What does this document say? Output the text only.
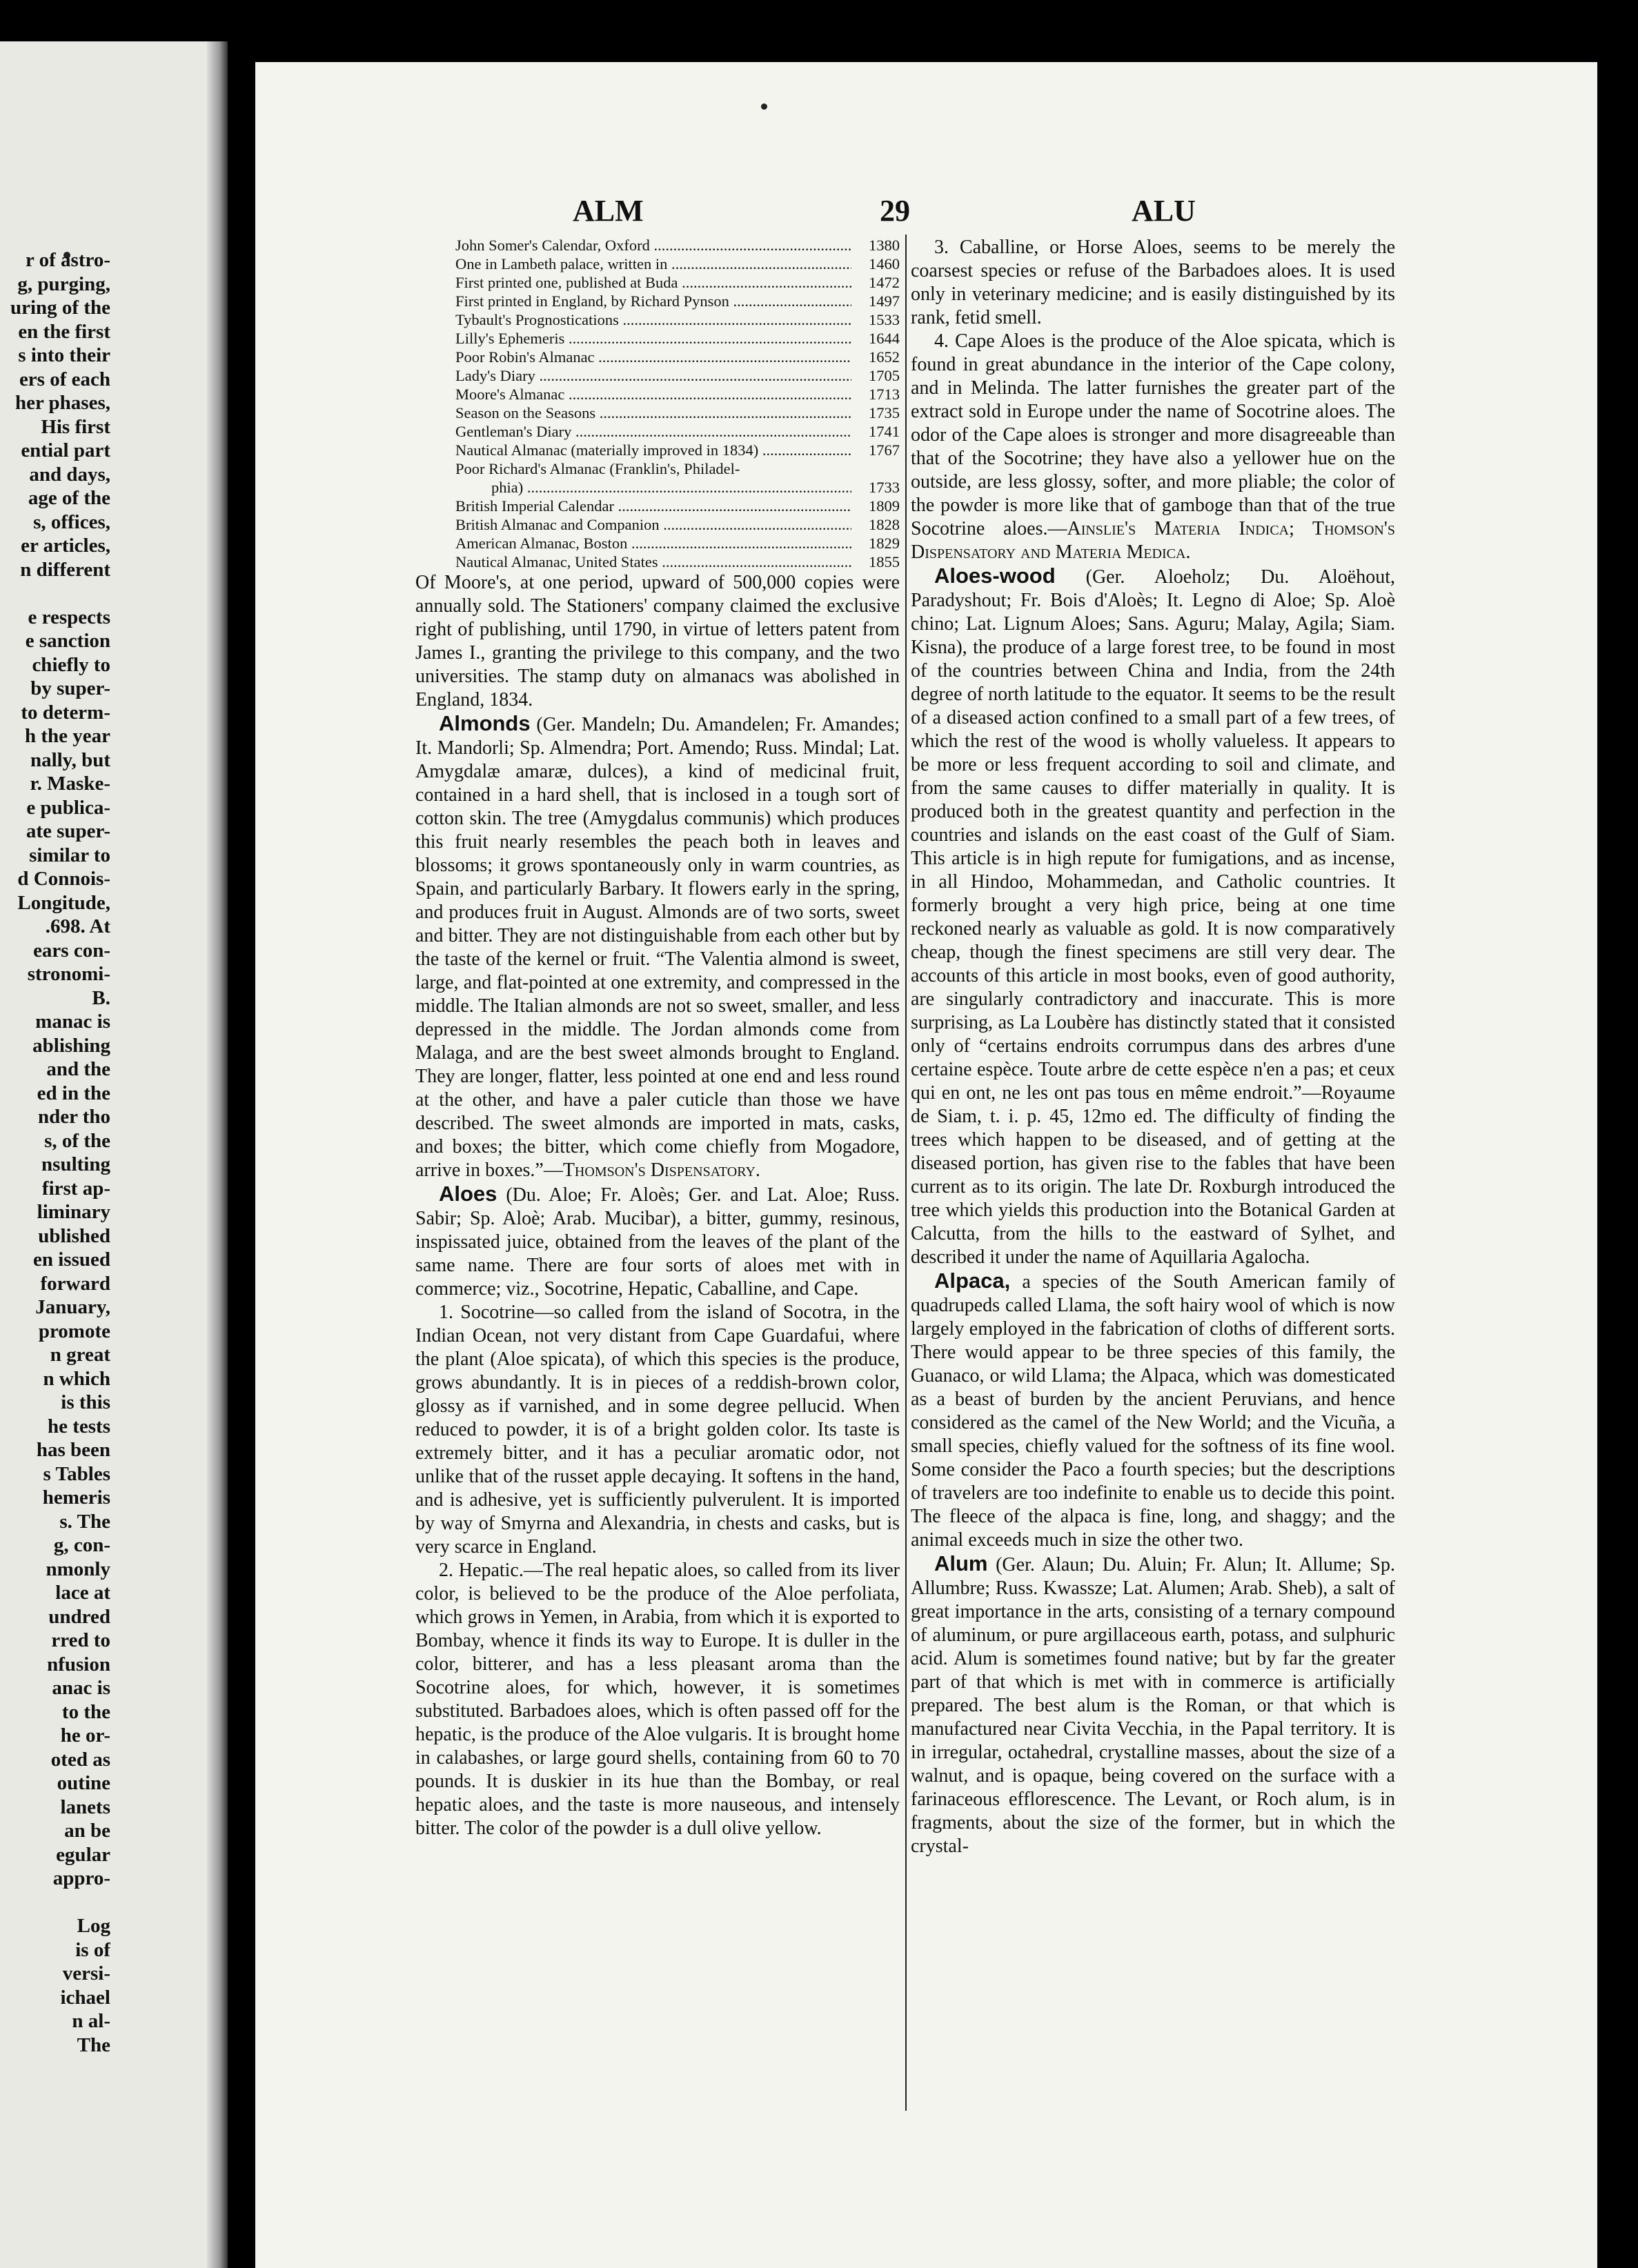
r of astro-
g, purging,
uring of the
en the first
s into their
ers of each
her phases,
His first
ential part
and days,
age of the
s, offices,
er articles,
n different

e respects
e sanction
chiefly to
by super-
to determ-
h the year
nally, but
r. Maske-
e publica-
ate super-
similar to
d Connois-
Longitude,
.698. At
ears con-
stronomi-
B.
manac is
ablishing
and the
ed in the
nder tho
s, of the
nsulting
first ap-
liminary
ublished
en issued
forward
January,
promote
n great
n which
is this
he tests
has been
s Tables
hemeris
s. The
g, con-
nmonly
lace at
undred
rred to
nfusion
anac is
to the
he or-
oted as
outine
lanets
an be
egular
appro-

Log
is of
versi-
ichael
n al-
The
ALM	29	ALU
John Somer's Calendar, Oxford .....	1380
One in Lambeth palace, written in .....	1460
First printed one, published at Buda .....	1472
First printed in England, by Richard Pynson .....	1497
Tybault's Prognostications .....	1533
Lilly's Ephemeris .....	1644
Poor Robin's Almanac .....	1652
Lady's Diary .....	1705
Moore's Almanac .....	1713
Season on the Seasons .....	1735
Gentleman's Diary .....	1741
Nautical Almanac (materially improved in 1834) .....	1767
Poor Richard's Almanac (Franklin's, Philadel-
phia) .....	1733
British Imperial Calendar .....	1809
British Almanac and Companion .....	1828
American Almanac, Boston .....	1829
Nautical Almanac, United States .....	1855

Of Moore's, at one period, upward of 500,000 copies were annually sold. The Stationers' company claimed the exclusive right of publishing, until 1790, in virtue of letters patent from James I., granting the privilege to this company, and the two universities. The stamp duty on almanacs was abolished in England, 1834.

Almonds (Ger. Mandeln; Du. Amandelen; Fr. Amandes; It. Mandorli; Sp. Almendra; Port. Amendo; Russ. Mindal; Lat. Amygdalæ amaræ, dulces), a kind of medicinal fruit, contained in a hard shell, that is inclosed in a tough sort of cotton skin. The tree (Amygdalus communis) which produces this fruit nearly resembles the peach both in leaves and blossoms; it grows spontaneously only in warm countries, as Spain, and particularly Barbary. It flowers early in the spring, and produces fruit in August. Almonds are of two sorts, sweet and bitter. They are not distinguishable from each other but by the taste of the kernel or fruit. “The Valentia almond is sweet, large, and flat-pointed at one extremity, and compressed in the middle. The Italian almonds are not so sweet, smaller, and less depressed in the middle. The Jordan almonds come from Malaga, and are the best sweet almonds brought to England. They are longer, flatter, less pointed at one end and less round at the other, and have a paler cuticle than those we have described. The sweet almonds are imported in mats, casks, and boxes; the bitter, which come chiefly from Mogadore, arrive in boxes.”—Thomson's Dispensatory.

Aloes (Du. Aloe; Fr. Aloès; Ger. and Lat. Aloe; Russ. Sabir; Sp. Aloè; Arab. Mucibar), a bitter, gummy, resinous, inspissated juice, obtained from the leaves of the plant of the same name. There are four sorts of aloes met with in commerce; viz., Socotrine, Hepatic, Caballine, and Cape.

1. Socotrine—so called from the island of Socotra, in the Indian Ocean, not very distant from Cape Guardafui, where the plant (Aloe spicata), of which this species is the produce, grows abundantly. It is in pieces of a reddish-brown color, glossy as if varnished, and in some degree pellucid. When reduced to powder, it is of a bright golden color. Its taste is extremely bitter, and it has a peculiar aromatic odor, not unlike that of the russet apple decaying. It softens in the hand, and is adhesive, yet is sufficiently pulverulent. It is imported by way of Smyrna and Alexandria, in chests and casks, but is very scarce in England.

2. Hepatic.—The real hepatic aloes, so called from its liver color, is believed to be the produce of the Aloe perfoliata, which grows in Yemen, in Arabia, from which it is exported to Bombay, whence it finds its way to Europe. It is duller in the color, bitterer, and has a less pleasant aroma than the Socotrine aloes, for which, however, it is sometimes substituted. Barbadoes aloes, which is often passed off for the hepatic, is the produce of the Aloe vulgaris. It is brought home in calabashes, or large gourd shells, containing from 60 to 70 pounds. It is duskier in its hue than the Bombay, or real hepatic aloes, and the taste is more nauseous, and intensely bitter. The color of the powder is a dull olive yellow.

3. Caballine, or Horse Aloes, seems to be merely the coarsest species or refuse of the Barbadoes aloes. It is used only in veterinary medicine; and is easily distinguished by its rank, fetid smell.

4. Cape Aloes is the produce of the Aloe spicata, which is found in great abundance in the interior of the Cape colony, and in Melinda. The latter furnishes the greater part of the extract sold in Europe under the name of Socotrine aloes. The odor of the Cape aloes is stronger and more disagreeable than that of the Socotrine; they have also a yellower hue on the outside, are less glossy, softer, and more pliable; the color of the powder is more like that of gamboge than that of the true Socotrine aloes.—Ainslie's Materia Indica; Thomson's Dispensatory and Materia Medica.

Aloes-wood (Ger. Aloeholz; Du. Aloëhout, Paradyshout; Fr. Bois d'Aloès; It. Legno di Aloe; Sp. Aloè chino; Lat. Lignum Aloes; Sans. Aguru; Malay, Agila; Siam. Kisna), the produce of a large forest tree, to be found in most of the countries between China and India, from the 24th degree of north latitude to the equator. It seems to be the result of a diseased action confined to a small part of a few trees, of which the rest of the wood is wholly valueless. It appears to be more or less frequent according to soil and climate, and from the same causes to differ materially in quality. It is produced both in the greatest quantity and perfection in the countries and islands on the east coast of the Gulf of Siam. This article is in high repute for fumigations, and as incense, in all Hindoo, Mohammedan, and Catholic countries. It formerly brought a very high price, being at one time reckoned nearly as valuable as gold. It is now comparatively cheap, though the finest specimens are still very dear. The accounts of this article in most books, even of good authority, are singularly contradictory and inaccurate. This is more surprising, as La Loubère has distinctly stated that it consisted only of “certains endroits corrumpus dans des arbres d'une certaine espèce. Toute arbre de cette espèce n'en a pas; et ceux qui en ont, ne les ont pas tous en même endroit.”—Royaume de Siam, t. i. p. 45, 12mo ed. The difficulty of finding the trees which happen to be diseased, and of getting at the diseased portion, has given rise to the fables that have been current as to its origin. The late Dr. Roxburgh introduced the tree which yields this production into the Botanical Garden at Calcutta, from the hills to the eastward of Sylhet, and described it under the name of Aquillaria Agalocha.

Alpaca, a species of the South American family of quadrupeds called Llama, the soft hairy wool of which is now largely employed in the fabrication of cloths of different sorts. There would appear to be three species of this family, the Guanaco, or wild Llama; the Alpaca, which was domesticated as a beast of burden by the ancient Peruvians, and hence considered as the camel of the New World; and the Vicuña, a small species, chiefly valued for the softness of its fine wool. Some consider the Paco a fourth species; but the descriptions of travelers are too indefinite to enable us to decide this point. The fleece of the alpaca is fine, long, and shaggy; and the animal exceeds much in size the other two.

Alum (Ger. Alaun; Du. Aluin; Fr. Alun; It. Allume; Sp. Allumbre; Russ. Kwassze; Lat. Alumen; Arab. Sheb), a salt of great importance in the arts, consisting of a ternary compound of aluminum, or pure argillaceous earth, potass, and sulphuric acid. Alum is sometimes found native; but by far the greater part of that which is met with in commerce is artificially prepared. The best alum is the Roman, or that which is manufactured near Civita Vecchia, in the Papal territory. It is in irregular, octahedral, crystalline masses, about the size of a walnut, and is opaque, being covered on the surface with a farinaceous efflorescence. The Levant, or Roch alum, is in fragments, about the size of the former, but in which the crystal-
